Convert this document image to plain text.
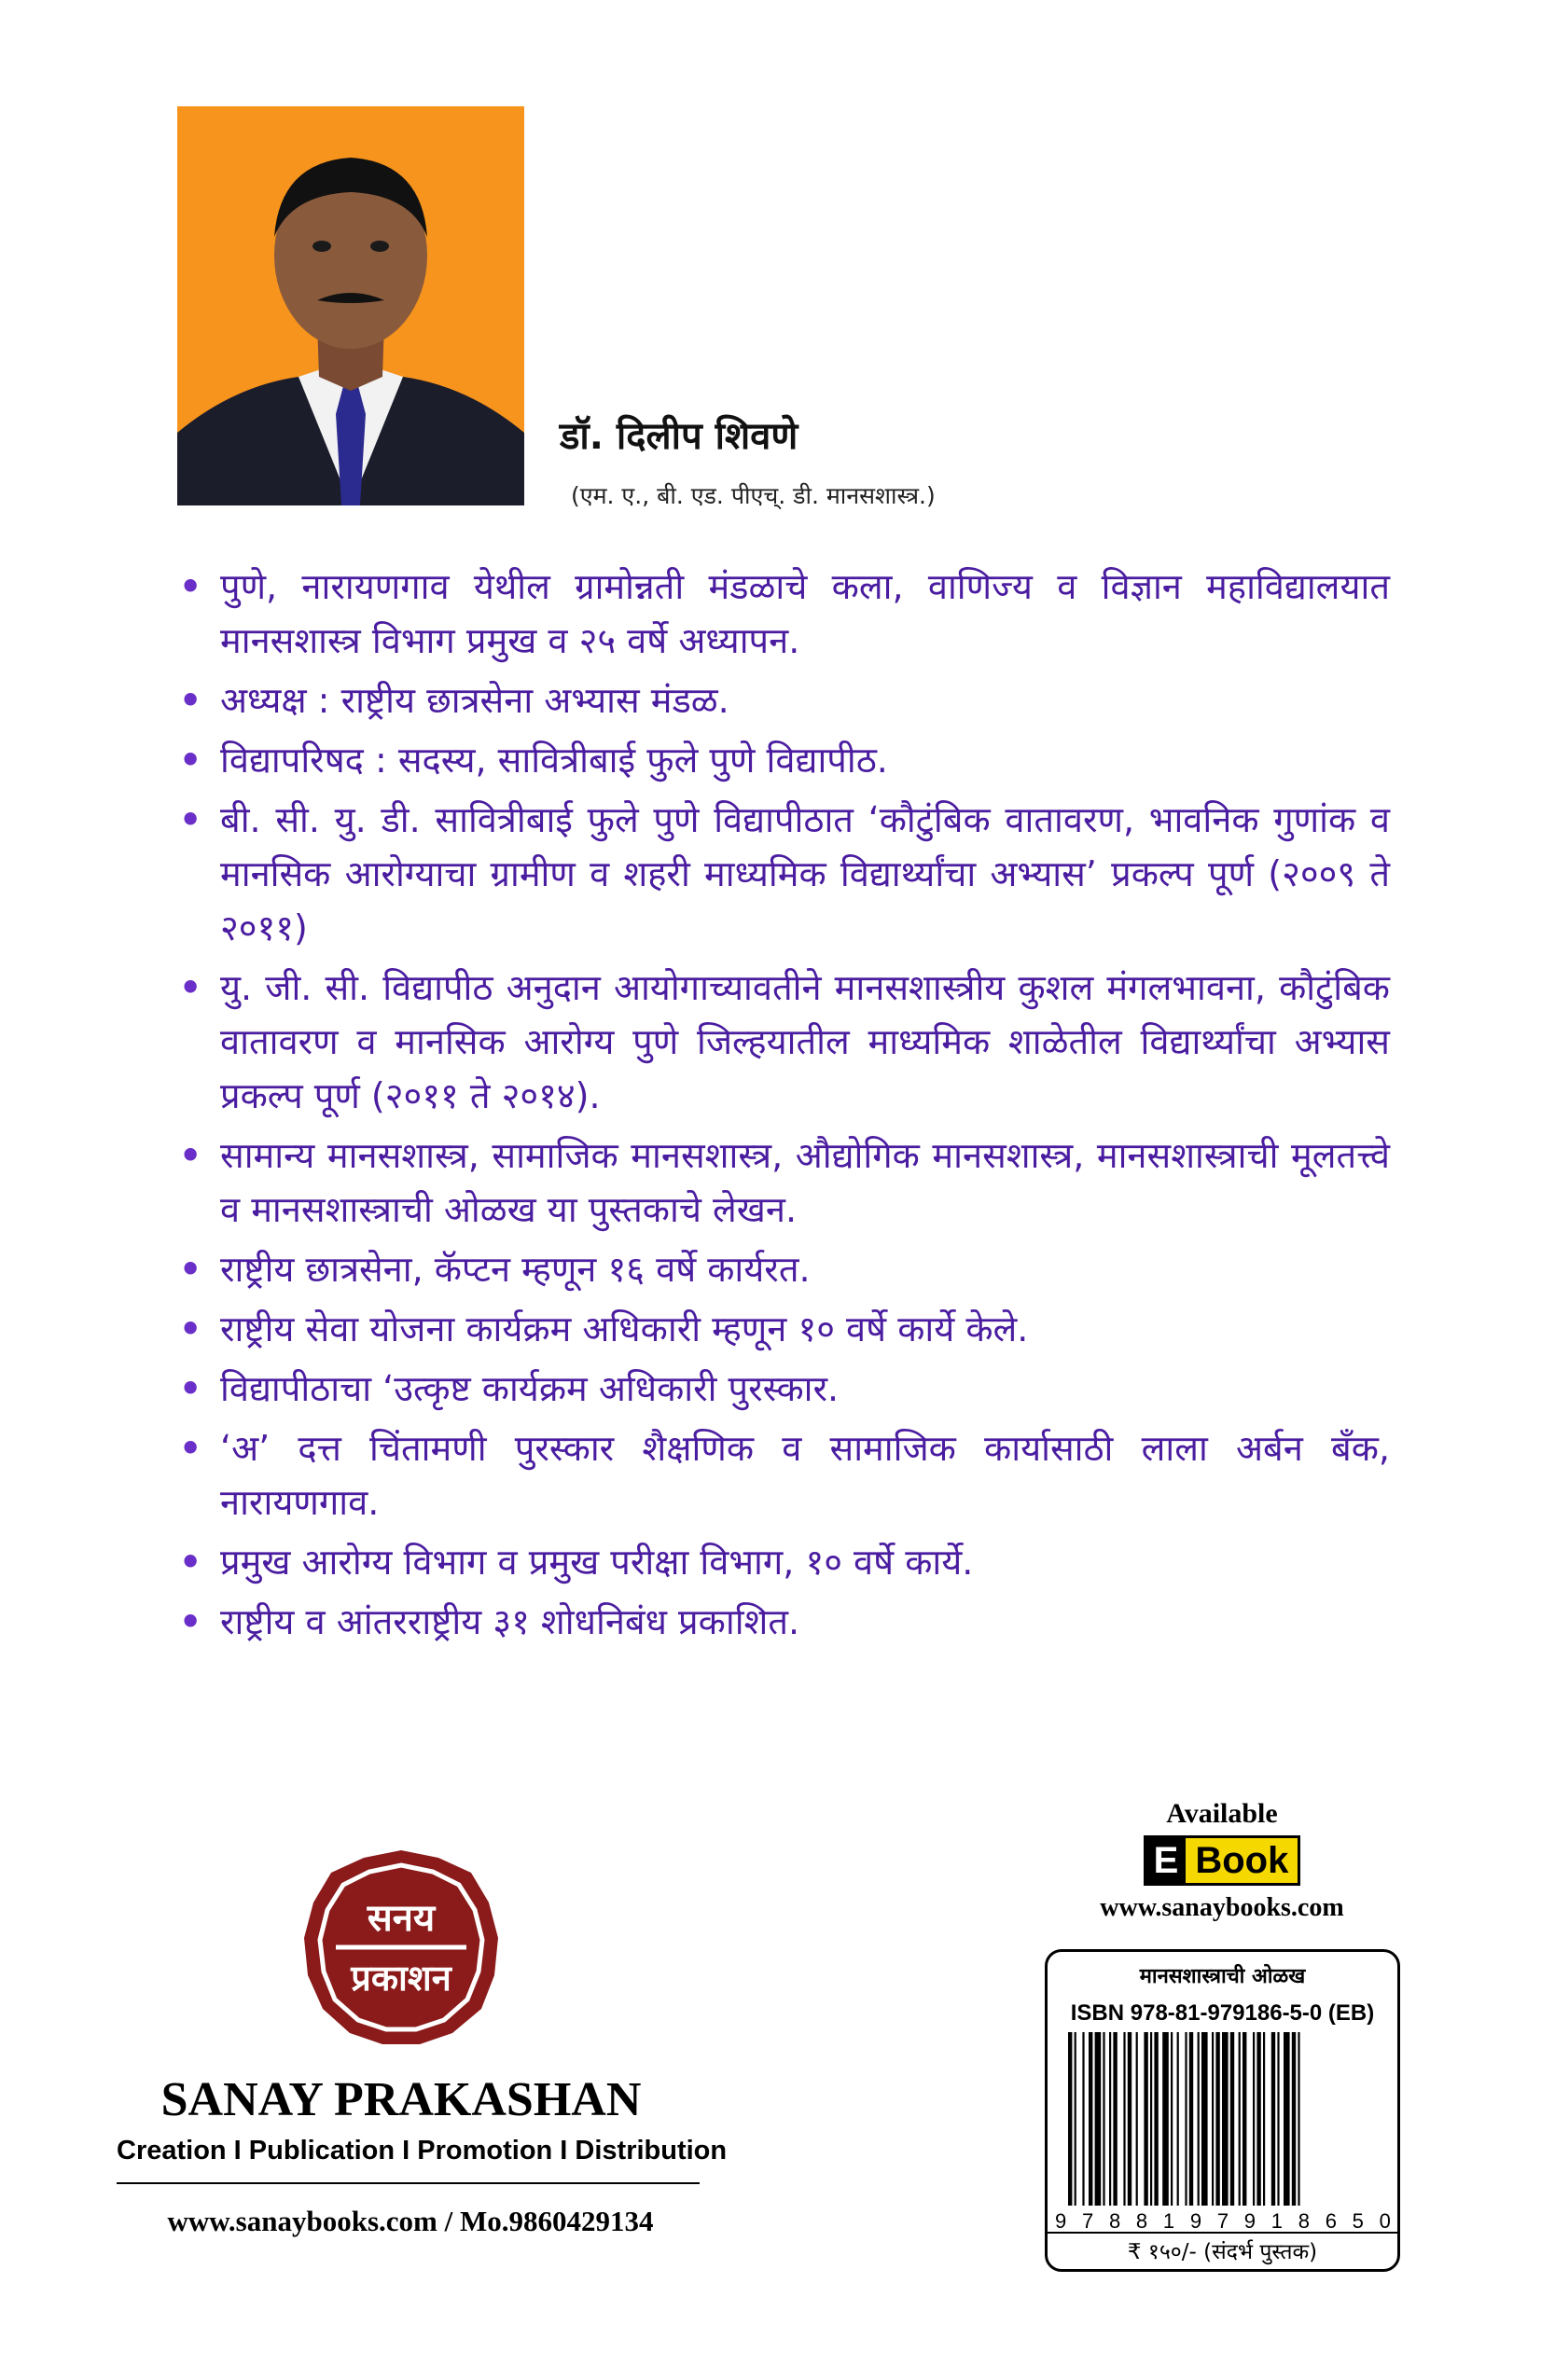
डॉ. दिलीप शिवणे
(एम. ए., बी. एड. पीएच्. डी. मानसशास्त्र.)
• पुणे, नारायणगाव येथील ग्रामोन्नती मंडळाचे कला, वाणिज्य व विज्ञान महाविद्यालयात मानसशास्त्र विभाग प्रमुख व २५ वर्षे अध्यापन.
• अध्यक्ष : राष्ट्रीय छात्रसेना अभ्यास मंडळ.
• विद्यापरिषद : सदस्य, सावित्रीबाई फुले पुणे विद्यापीठ.
• बी. सी. यु. डी. सावित्रीबाई फुले पुणे विद्यापीठात ‘कौटुंबिक वातावरण, भावनिक गुणांक व मानसिक आरोग्याचा ग्रामीण व शहरी माध्यमिक विद्यार्थ्यांचा अभ्यास’ प्रकल्प पूर्ण (२००९ ते २०११)
• यु. जी. सी. विद्यापीठ अनुदान आयोगाच्यावतीने मानसशास्त्रीय कुशल मंगलभावना, कौटुंबिक वातावरण व मानसिक आरोग्य पुणे जिल्हयातील माध्यमिक शाळेतील विद्यार्थ्यांचा अभ्यास प्रकल्प पूर्ण (२०११ ते २०१४).
• सामान्य मानसशास्त्र, सामाजिक मानसशास्त्र, औद्योगिक मानसशास्त्र, मानसशास्त्राची मूलतत्त्वे व मानसशास्त्राची ओळख या पुस्तकाचे लेखन.
• राष्ट्रीय छात्रसेना, कॅप्टन म्हणून १६ वर्षे कार्यरत.
• राष्ट्रीय सेवा योजना कार्यक्रम अधिकारी म्हणून १० वर्षे कार्ये केले.
• विद्यापीठाचा ‘उत्कृष्ट कार्यक्रम अधिकारी पुरस्कार.
• ‘अ’ दत्त चिंतामणी पुरस्कार शैक्षणिक व सामाजिक कार्यासाठी लाला अर्बन बँक, नारायणगाव.
• प्रमुख आरोग्य विभाग व प्रमुख परीक्षा विभाग, १० वर्षे कार्ये.
• राष्ट्रीय व आंतरराष्ट्रीय ३१ शोधनिबंध प्रकाशित.
Available
E Book
www.sanaybooks.com
मानसशास्त्राची ओळख
ISBN 978-81-979186-5-0 (EB)
9 7 8 8 1 9 7 9 1 8 6 5 0
₹ १५०/- (संदर्भ पुस्तक)
सनय
प्रकाशन
SANAY PRAKASHAN
Creation I Publication I Promotion I Distribution
www.sanaybooks.com / Mo.9860429134
